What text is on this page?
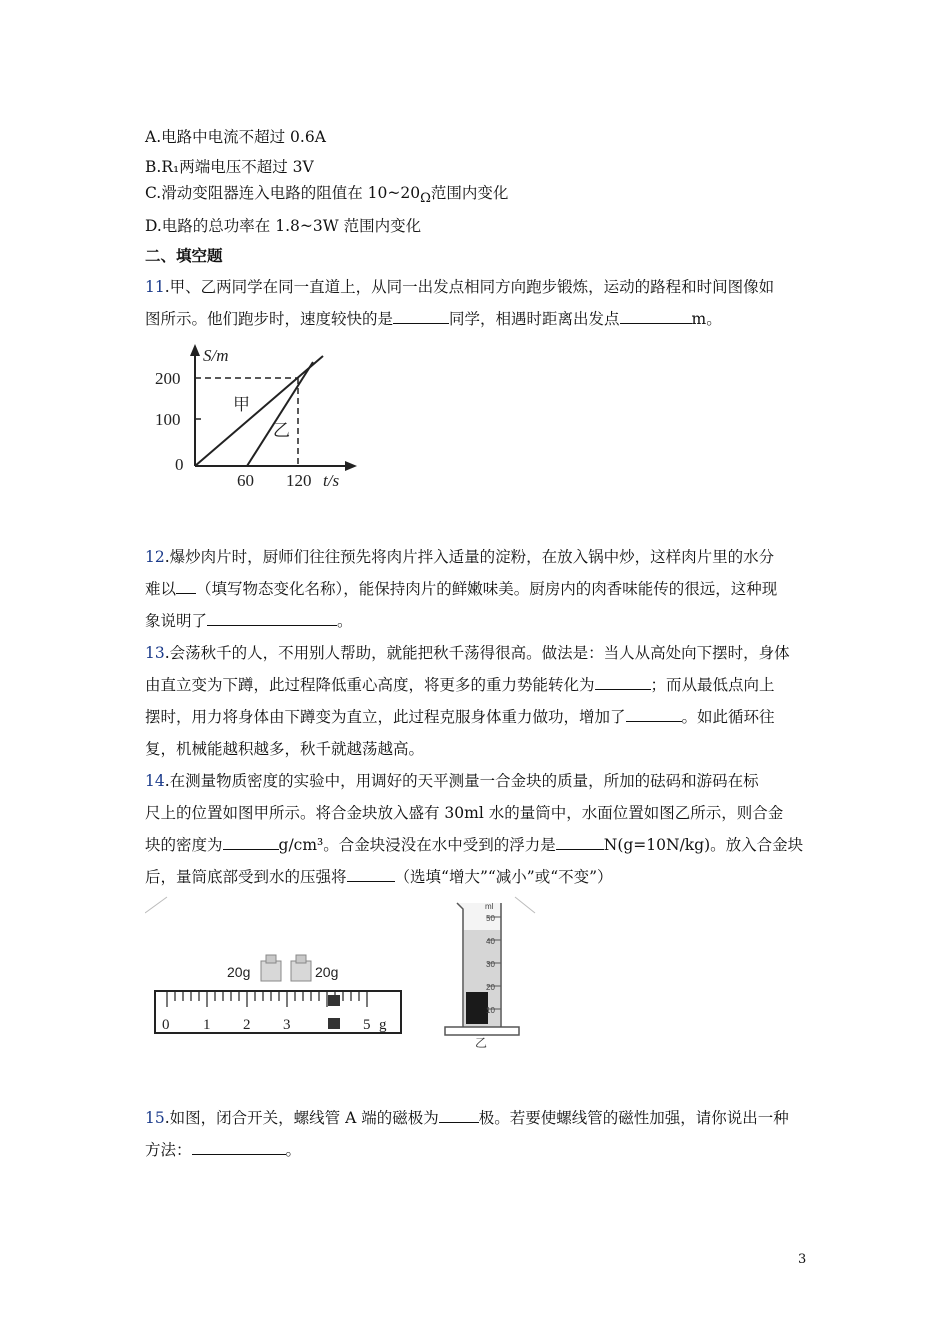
A.电路中电流不超过 0.6A
B.R₁两端电压不超过 3V
C.滑动变阻器连入电路的阻值在 $10\sim 20_\Omega$范围内变化
D.电路的总功率在 1.8~3W 范围内变化
二、填空题
11.甲、乙两同学在同一直道上，从同一出发点相同方向跑步锻炼，运动的路程和时间图像如
图所示。他们跑步时，速度较快的是	同学，相遇时距离出发点	m。
S/m
200
100
0
60 120 t/s
甲
乙
12.爆炒肉片时，厨师们往往预先将肉片拌入适量的淀粉，在放入锅中炒，这样肉片里的水分
难以 （填写物态变化名称），能保持肉片的鲜嫩味美。厨房内的肉香味能传的很远，这种现
象说明了	。
13.会荡秋千的人，不用别人帮助，就能把秋千荡得很高。做法是：当人从高处向下摆时，身体
由直立变为下蹲，此过程降低重心高度，将更多的重力势能转化为	；而从最低点向上
摆时，用力将身体由下蹲变为直立，此过程克服身体重力做功，增加了	。如此循环往
复，机械能越积越多，秋千就越荡越高。
14.在测量物质密度的实验中，用调好的天平测量一合金块的质量，所加的砝码和游码在标
尺上的位置如图甲所示。将合金块放入盛有 30ml 水的量筒中，水面位置如图乙所示，则合金
块的密度为	g/cm³。合金块浸没在水中受到的浮力是	N(g=10N/kg)。放入合金块
后，量筒底部受到水的压强将	（选填“增大”“减小”或“不变”）
20g	20g
0 1 2 3	5 g
ml
50
40
30
20
10
乙
15.如图，闭合开关，螺线管 A 端的磁极为	极。若要使螺线管的磁性加强，请你说出一种
方法：	。
3
